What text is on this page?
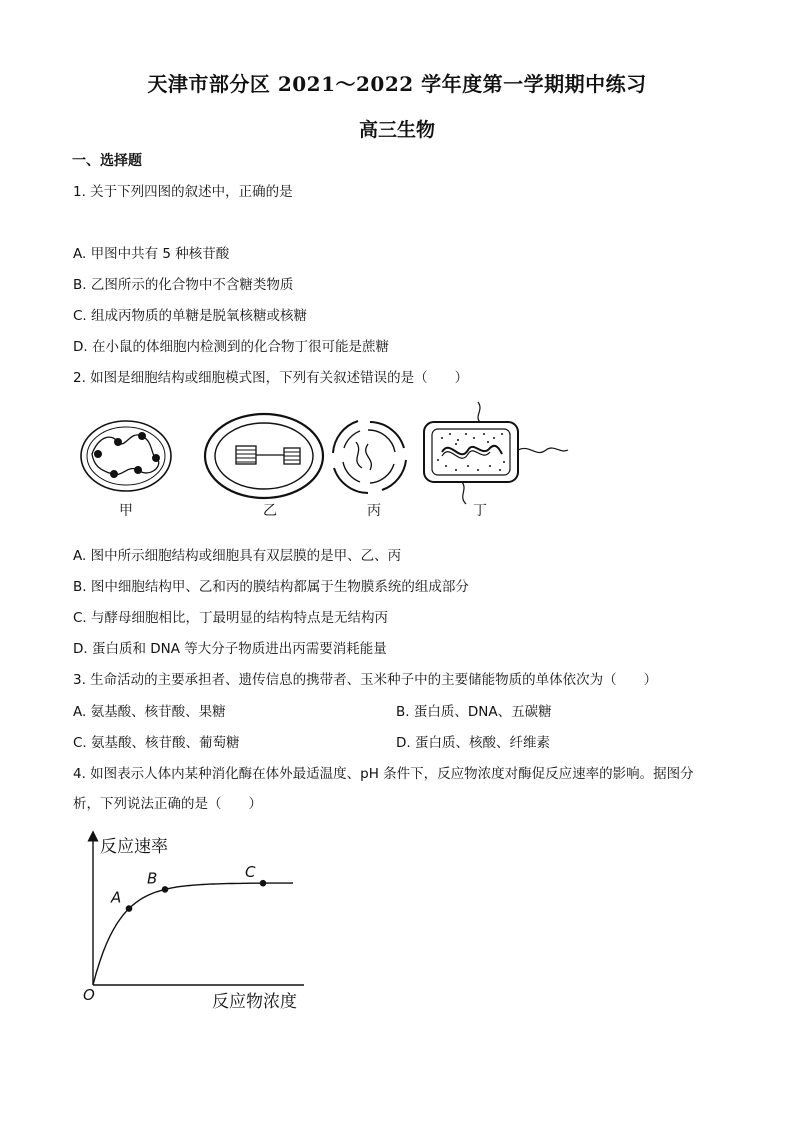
天津市部分区 2021～2022 学年度第一学期期中练习
高三生物
一、选择题
1. 关于下列四图的叙述中，正确的是
A. 甲图中共有 5 种核苷酸
B. 乙图所示的化合物中不含糖类物质
C. 组成丙物质的单糖是脱氧核糖或核糖
D. 在小鼠的体细胞内检测到的化合物丁很可能是蔗糖
2. 如图是细胞结构或细胞模式图，下列有关叙述错误的是（　　）
甲	乙	丙	丁
A. 图中所示细胞结构或细胞具有双层膜的是甲、乙、丙
B. 图中细胞结构甲、乙和丙的膜结构都属于生物膜系统的组成部分
C. 与酵母细胞相比，丁最明显的结构特点是无结构丙
D. 蛋白质和 DNA 等大分子物质进出丙需要消耗能量
3. 生命活动的主要承担者、遗传信息的携带者、玉米种子中的主要储能物质的单体依次为（　　）
A. 氨基酸、核苷酸、果糖	B. 蛋白质、DNA、五碳糖
C. 氨基酸、核苷酸、葡萄糖	D. 蛋白质、核酸、纤维素
4. 如图表示人体内某种消化酶在体外最适温度、pH 条件下，反应物浓度对酶促反应速率的影响。据图分
析，下列说法正确的是（　　）
反应速率
反应物浓度
O
A
B	C
